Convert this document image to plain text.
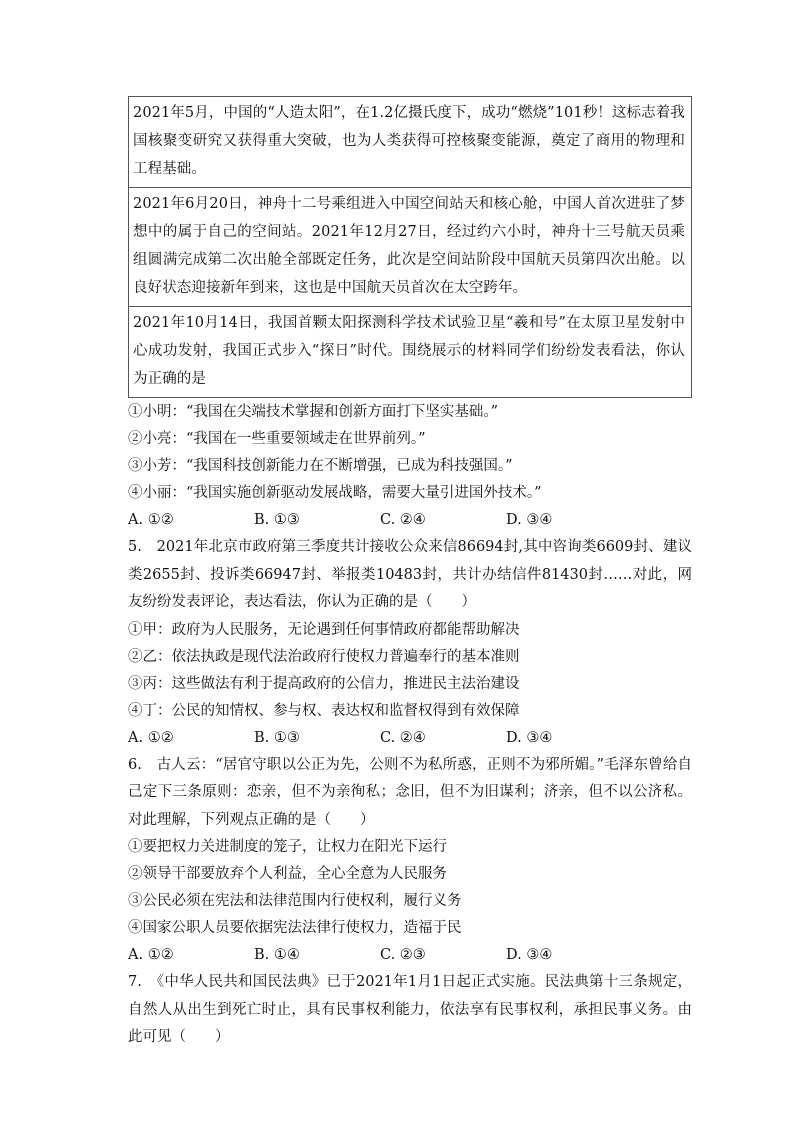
2021年5月，中国的“人造太阳”，在1.2亿摄氏度下，成功“燃烧”101秒！这标志着我国核聚变研究又获得重大突破，也为人类获得可控核聚变能源，奠定了商用的物理和工程基础。
2021年6月20日，神舟十二号乘组进入中国空间站天和核心舱，中国人首次进驻了梦想中的属于自己的空间站。2021年12月27日，经过约六小时，神舟十三号航天员乘组圆满完成第二次出舱全部既定任务，此次是空间站阶段中国航天员第四次出舱。以良好状态迎接新年到来，这也是中国航天员首次在太空跨年。
2021年10月14日，我国首颗太阳探测科学技术试验卫星“羲和号”在太原卫星发射中心成功发射，我国正式步入“探日”时代。围绕展示的材料同学们纷纷发表看法，你认为正确的是

①小明：“我国在尖端技术掌握和创新方面打下坚实基础。”

②小亮：“我国在一些重要领域走在世界前列。”

③小芳：“我国科技创新能力在不断增强，已成为科技强国。”

④小丽：“我国实施创新驱动发展战略，需要大量引进国外技术。”

A. ①②	B. ①③	C. ②④	D. ③④

5.　2021年北京市政府第三季度共计接收公众来信86694封,其中咨询类6609封、建议类2655封、投诉类66947封、举报类10483封，共计办结信件81430封……对此，网友纷纷发表评论，表达看法，你认为正确的是（　　）

①甲：政府为人民服务，无论遇到任何事情政府都能帮助解决

②乙：依法执政是现代法治政府行使权力普遍奉行的基本准则

③丙：这些做法有利于提高政府的公信力，推进民主法治建设

④丁：公民的知情权、参与权、表达权和监督权得到有效保障

A. ①②	B. ①③	C. ②④	D. ③④

6.　古人云：“居官守职以公正为先，公则不为私所惑，正则不为邪所媚。”毛泽东曾给自己定下三条原则：恋亲，但不为亲徇私；念旧，但不为旧谋利；济亲，但不以公济私。对此理解，下列观点正确的是（　　）

①要把权力关进制度的笼子，让权力在阳光下运行

②领导干部要放弃个人利益，全心全意为人民服务

③公民必须在宪法和法律范围内行使权利，履行义务

④国家公职人员要依据宪法法律行使权力，造福于民

A. ①②	B. ①④	C. ②③	D. ③④

7.　《中华人民共和国民法典》已于2021年1月1日起正式实施。民法典第十三条规定，自然人从出生到死亡时止，具有民事权利能力，依法享有民事权利，承担民事义务。由此可见（　　）
